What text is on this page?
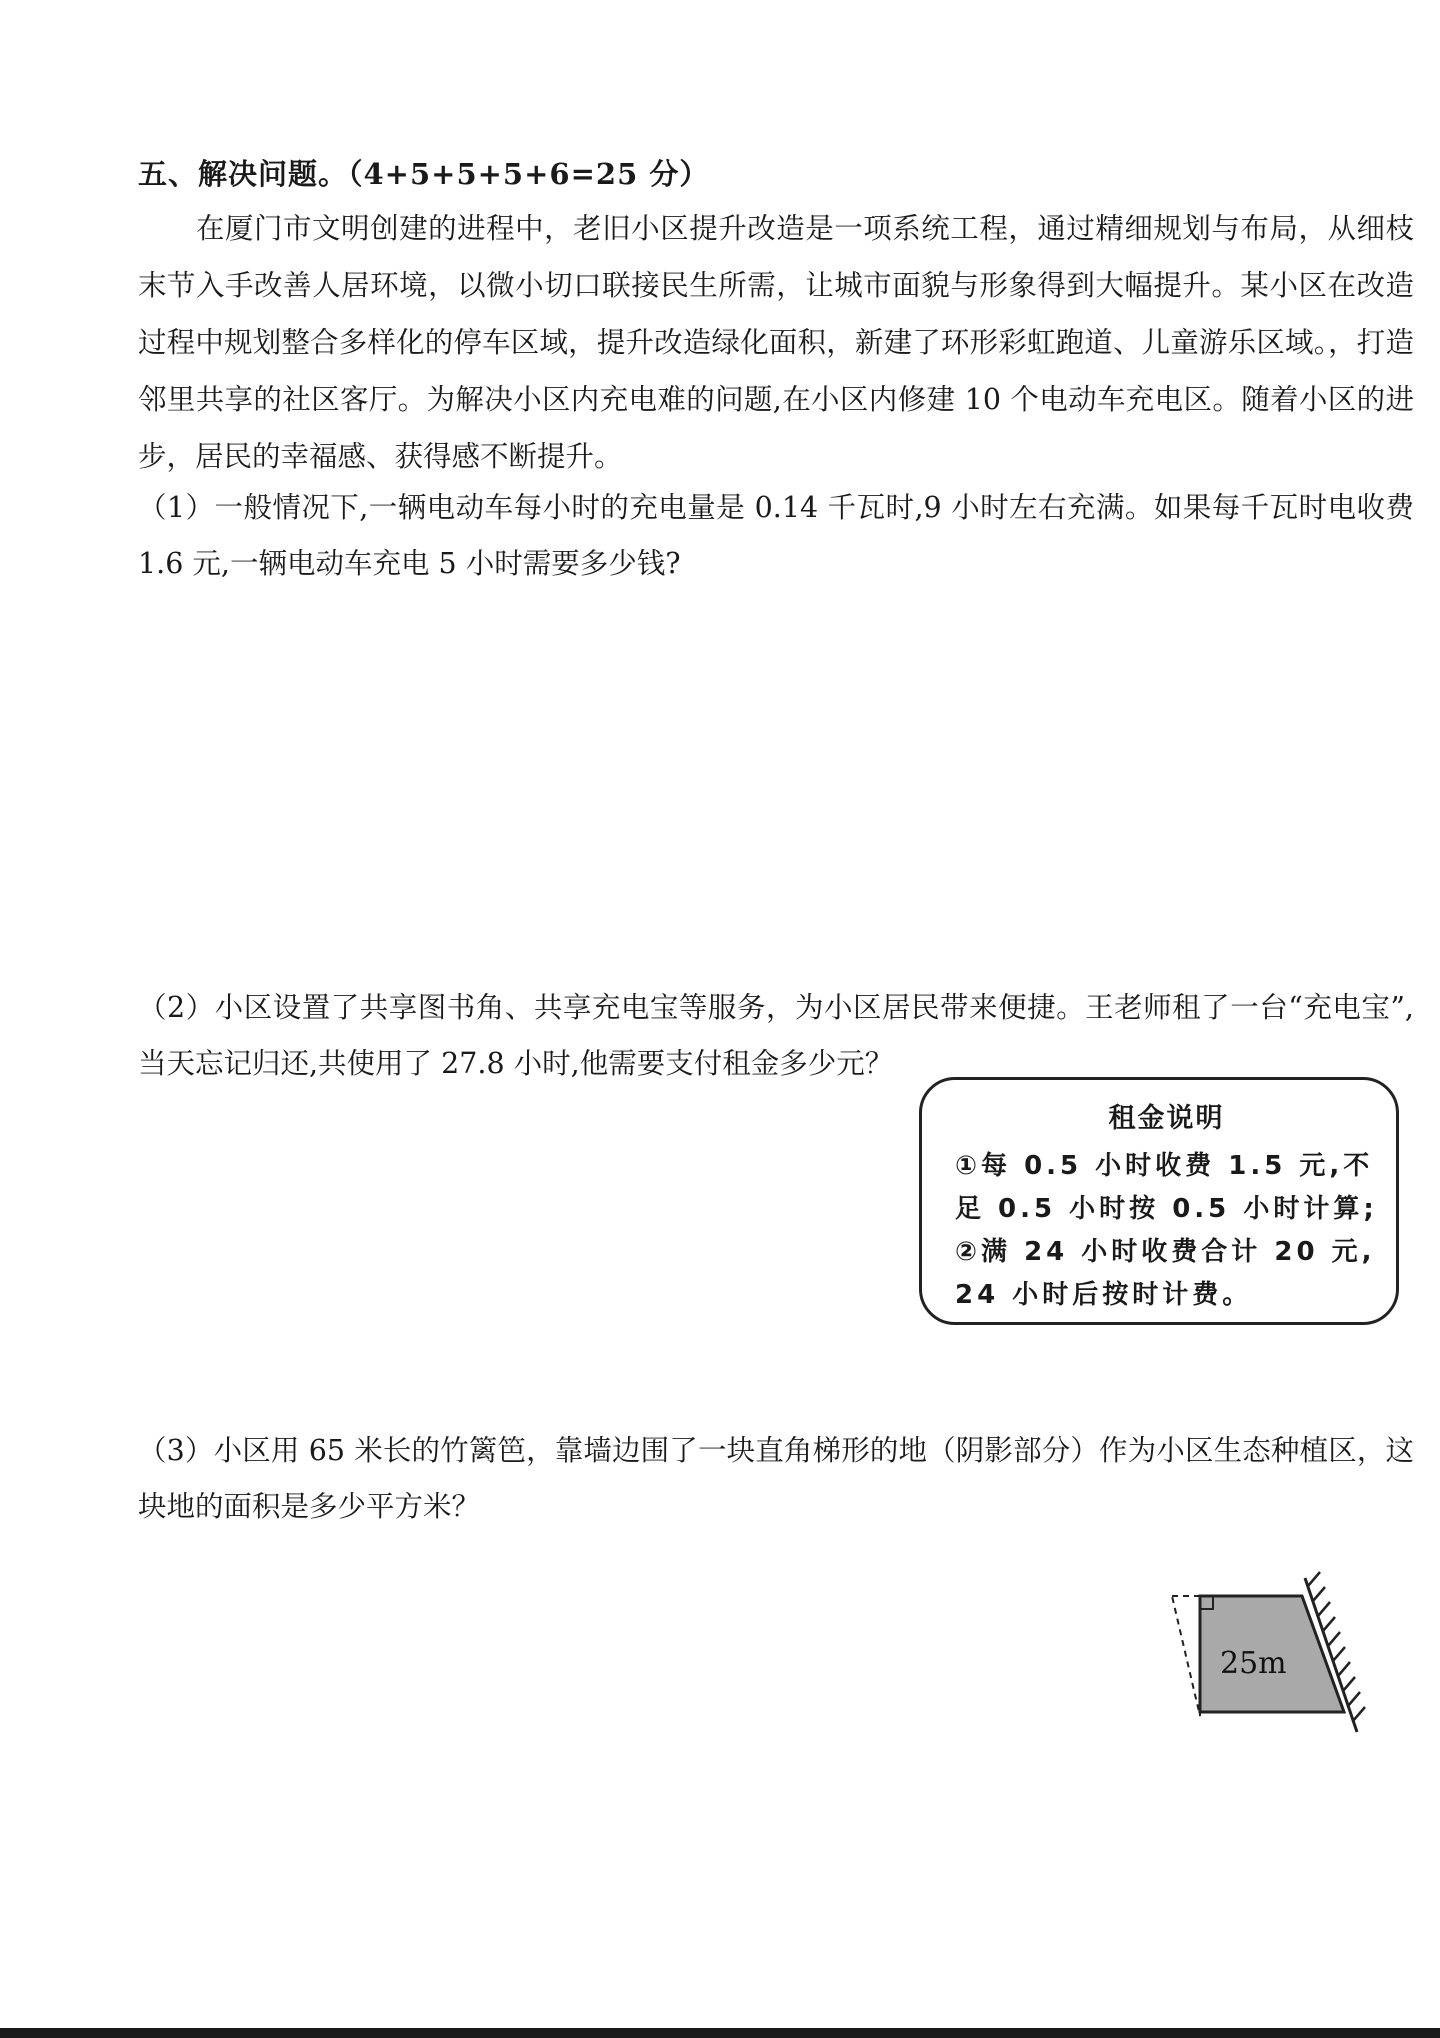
五、解决问题。（4+5+5+5+6=25 分）

在厦门市文明创建的进程中，老旧小区提升改造是一项系统工程，通过精细规划与布局，从细枝末节入手改善人居环境，以微小切口联接民生所需，让城市面貌与形象得到大幅提升。某小区在改造过程中规划整合多样化的停车区域，提升改造绿化面积，新建了环形彩虹跑道、儿童游乐区域。，打造邻里共享的社区客厅。为解决小区内充电难的问题,在小区内修建 10 个电动车充电区。随着小区的进步，居民的幸福感、获得感不断提升。

（1）一般情况下,一辆电动车每小时的充电量是 0.14 千瓦时,9 小时左右充满。如果每千瓦时电收费 1.6 元,一辆电动车充电 5 小时需要多少钱?

（2）小区设置了共享图书角、共享充电宝等服务，为小区居民带来便捷。王老师租了一台“充电宝”,当天忘记归还,共使用了 27.8 小时,他需要支付租金多少元？

租金说明
①每 0.5 小时收费 1.5 元,不
足 0.5 小时按 0.5 小时计算;
②满 24 小时收费合计 20 元,
24 小时后按时计费。

（3）小区用 65 米长的竹篱笆，靠墙边围了一块直角梯形的地（阴影部分）作为小区生态种植区，这块地的面积是多少平方米？

25m
